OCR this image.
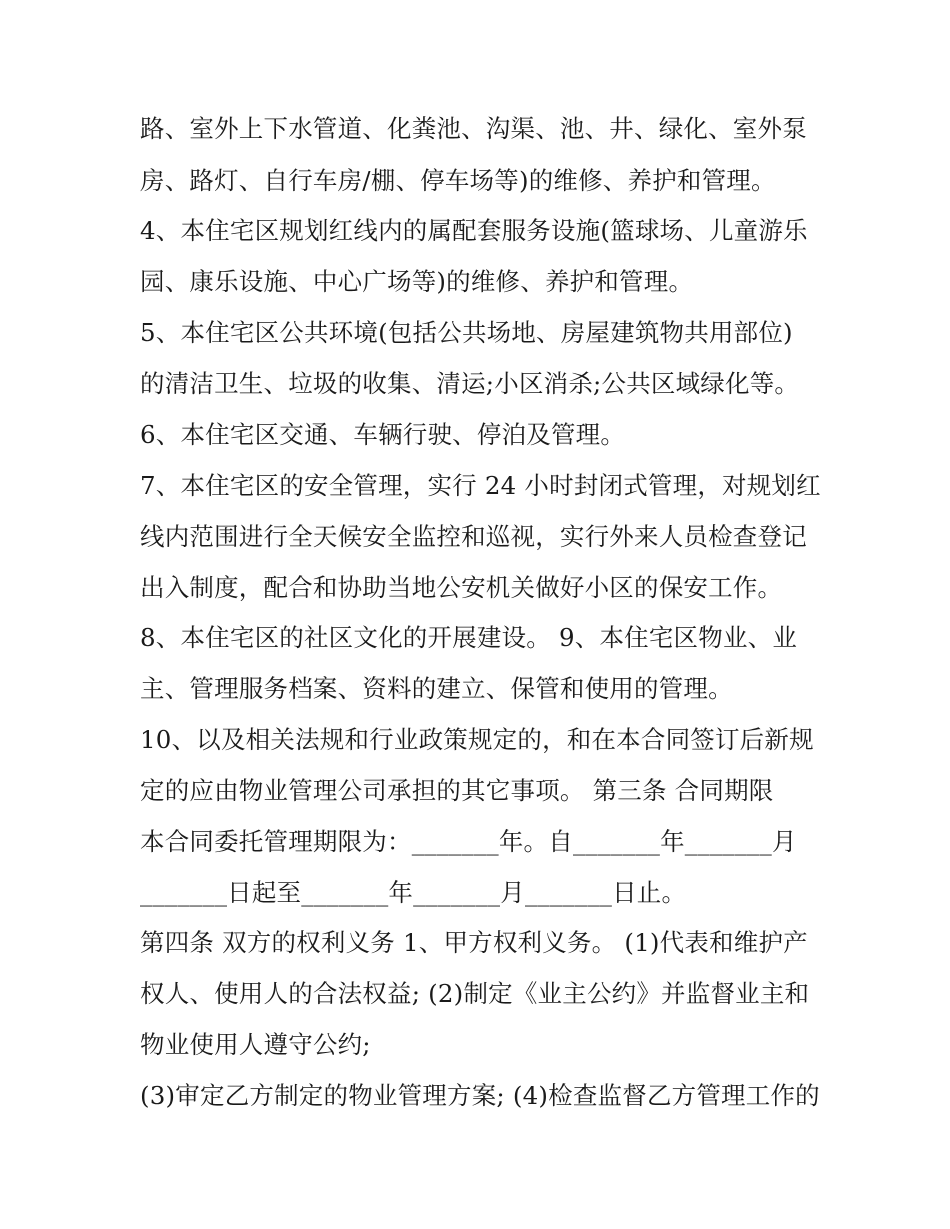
路、室外上下水管道、化粪池、沟渠、池、井、绿化、室外泵
房、路灯、自行车房/棚、停车场等)的维修、养护和管理。
4、本住宅区规划红线内的属配套服务设施(篮球场、儿童游乐
园、康乐设施、中心广场等)的维修、养护和管理。
5、本住宅区公共环境(包括公共场地、房屋建筑物共用部位)
的清洁卫生、垃圾的收集、清运;小区消杀;公共区域绿化等。
6、本住宅区交通、车辆行驶、停泊及管理。
7、本住宅区的安全管理，实行 24 小时封闭式管理，对规划红
线内范围进行全天候安全监控和巡视，实行外来人员检查登记
出入制度，配合和协助当地公安机关做好小区的保安工作。
8、本住宅区的社区文化的开展建设。 9、本住宅区物业、业
主、管理服务档案、资料的建立、保管和使用的管理。
10、以及相关法规和行业政策规定的，和在本合同签订后新规
定的应由物业管理公司承担的其它事项。 第三条 合同期限
本合同委托管理期限为：_______年。自_______年_______月
_______日起至_______年_______月_______日止。
第四条 双方的权利义务 1、甲方权利义务。 (1)代表和维护产
权人、使用人的合法权益; (2)制定《业主公约》并监督业主和
物业使用人遵守公约;
(3)审定乙方制定的物业管理方案; (4)检查监督乙方管理工作的
